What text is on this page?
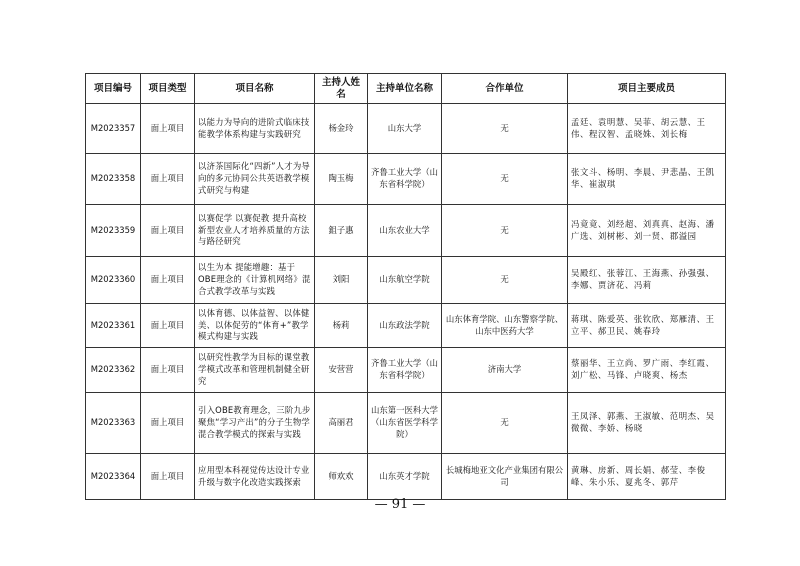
项目编号	项目类型	项目名称	主持人姓名	主持单位名称	合作单位	项目主要成员
M2023357	面上项目	以能力为导向的进阶式临床技能教学体系构建与实践研究	杨金玲	山东大学	无	孟廷、袁明慧、吴菲、胡云慧、王伟、程汉智、孟晓姝、刘长梅
M2023358	面上项目	以济茶国际化“四新”人才为导向的多元协同公共英语教学模式研究与构建	陶玉梅	齐鲁工业大学（山东省科学院）	无	张文斗、杨明、李晨、尹悲晶、王凯华、崔淑琪
M2023359	面上项目	以赛促学 以赛促教 提升高校新型农业人才培养质量的方法与路径研究	鉏子惠	山东农业大学	无	冯竟竟、刘经超、刘真真、赵海、潘广选、刘树彬、刘一贤、郡溢园
M2023360	面上项目	以生为本 提能增趣：基于OBE理念的《计算机网络》混合式教学改革与实践	刘阳	山东航空学院	无	吴殿红、张蓉江、王海燕、孙强强、李娜、贾济花、冯莉
M2023361	面上项目	以体育德、以体益智、以体健美、以体促劳的“体育+”教学模式构建与实践	杨莉	山东政法学院	山东体育学院、山东警察学院、山东中医药大学	蒋琪、陈爱英、张钦欣、郑雁清、王立平、郝卫民、姚春玲
M2023362	面上项目	以研究性教学为目标的课堂教学模式改革和管理机制健全研究	安营营	齐鲁工业大学（山东省科学院）	济南大学	蔡丽华、王立尚、罗广雨、李红霞、刘广松、马锋、卢晓爽、杨杰
M2023363	面上项目	引入OBE教育理念，三阶九步聚焦“学习产出”的分子生物学混合教学模式的探索与实践	高丽君	山东第一医科大学（山东省医学科学院）	无	王凤泽、郭燕、王淑敏、范明杰、吴微微、李娇、杨晓
M2023364	面上项目	应用型本科视觉传达设计专业升级与数字化改造实践探索	师欢欢	山东英才学院	长城梅地亚文化产业集团有限公司	黄琳、房新、周长娟、郝莹、李俊峰、朱小乐、夏兆冬、郭芹
— 91 —
